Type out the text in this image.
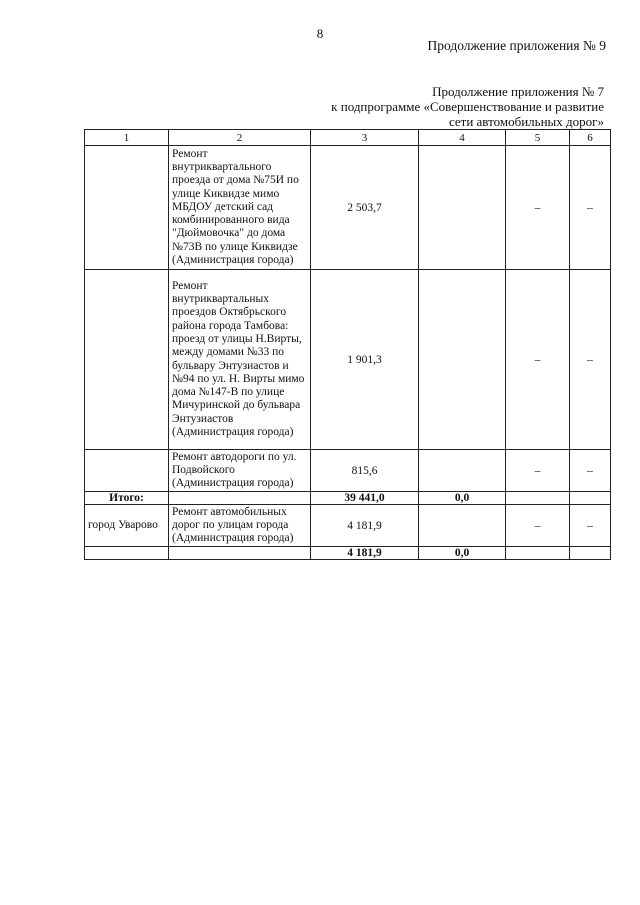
8
Продолжение приложения № 9
Продолжение приложения № 7
к подпрограмме «Совершенствование и развитие
сети автомобильных дорог»
1	2	3	4	5	6
	Ремонт внутриквартального проезда от дома №75И по улице Киквидзе мимо МБДОУ детский сад комбинированного вида "Дюймовочка" до дома №73В по улице Киквидзе (Администрация города)	2 503,7		–	–
	Ремонт внутриквартальных проездов Октябрьского района города Тамбова: проезд от улицы Н.Вирты, между домами №33 по бульвару Энтузиастов и №94 по ул. Н. Вирты мимо дома №147-В по улице Мичуринской до бульвара Энтузиастов (Администрация города)	1 901,3		–	–
	Ремонт автодороги по ул. Подвойского (Администрация города)	815,6		–	–
Итого:		39 441,0	0,0		
город Уварово	Ремонт автомобильных дорог по улицам города (Администрация города)	4 181,9		–	–
		4 181,9	0,0		
